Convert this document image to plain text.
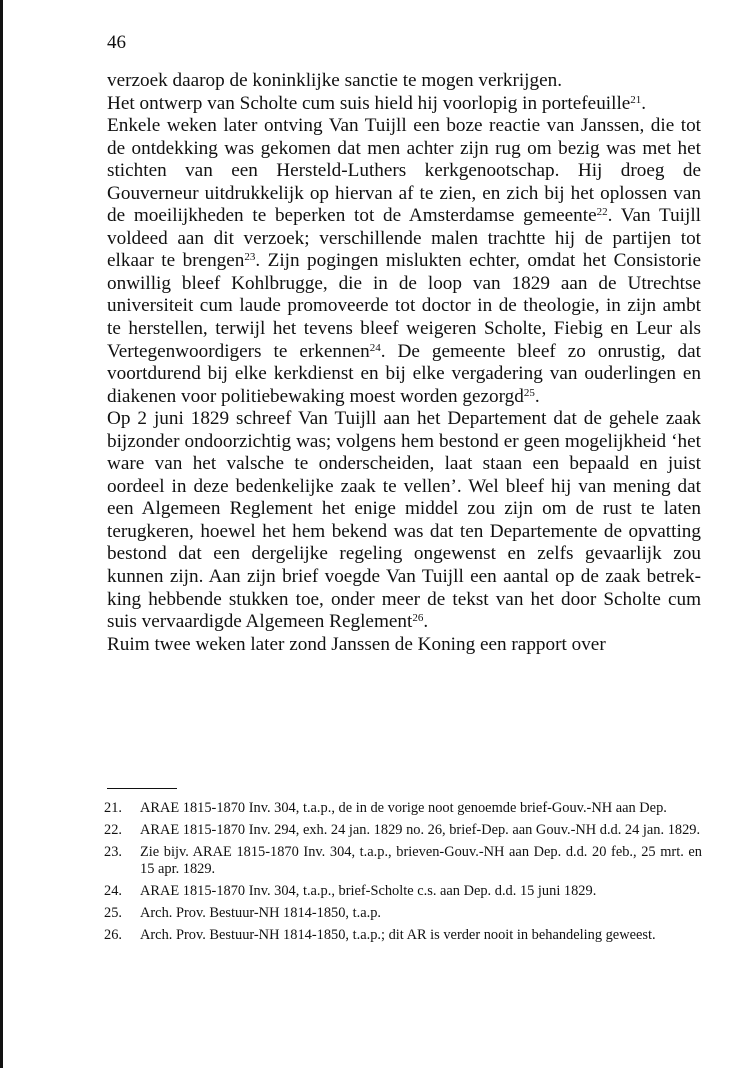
46

verzoek daarop de koninklijke sanctie te mogen verkrijgen.

Het ontwerp van Scholte cum suis hield hij voorlopig in portefeuille$^{21}$.

Enkele weken later ontving Van Tuijll een boze reactie van Janssen, die tot de ontdekking was gekomen dat men achter zijn rug om bezig was met het stichten van een Hersteld-Luthers kerkgenootschap. Hij droeg de Gouverneur uitdrukkelijk op hiervan af te zien, en zich bij het oplossen van de moeilijkheden te beperken tot de Amsterdamse gemeente$^{22}$. Van Tuijll voldeed aan dit verzoek; verschillende malen trachtte hij de partijen tot elkaar te brengen$^{23}$. Zijn pogingen mislukten echter, omdat het Consistorie onwillig bleef Kohlbrugge, die in de loop van 1829 aan de Utrechtse universiteit cum laude promoveerde tot doctor in de theologie, in zijn ambt te herstellen, terwijl het tevens bleef weigeren Scholte, Fiebig en Leur als Vertegenwoordigers te erkennen$^{24}$. De gemeente bleef zo onrustig, dat voortdurend bij elke kerkdienst en bij elke vergadering van ouderlingen en diakenen voor politiebewaking moest worden gezorgd$^{25}$.

Op 2 juni 1829 schreef Van Tuijll aan het Departement dat de gehele zaak bijzonder ondoorzichtig was; volgens hem bestond er geen mogelijkheid ‘het ware van het valsche te onderscheiden, laat staan een bepaald en juist oordeel in deze bedenkelijke zaak te vellen’. Wel bleef hij van mening dat een Algemeen Reglement het enige middel zou zijn om de rust te laten terugkeren, hoewel het hem bekend was dat ten Departemente de opvatting bestond dat een dergelijke regeling ongewenst en zelfs gevaarlijk zou kunnen zijn. Aan zijn brief voegde Van Tuijll een aantal op de zaak betrekking hebbende stukken toe, onder meer de tekst van het door Scholte cum suis vervaardigde Algemeen Reglement$^{26}$.

Ruim twee weken later zond Janssen de Koning een rapport over

21.	ARAE 1815-1870 Inv. 304, t.a.p., de in de vorige noot genoemde brief-Gouv.-NH aan Dep.
22.	ARAE 1815-1870 Inv. 294, exh. 24 jan. 1829 no. 26, brief-Dep. aan Gouv.-NH d.d. 24 jan. 1829.
23.	Zie bijv. ARAE 1815-1870 Inv. 304, t.a.p., brieven-Gouv.-NH aan Dep. d.d. 20 feb., 25 mrt. en 15 apr. 1829.
24.	ARAE 1815-1870 Inv. 304, t.a.p., brief-Scholte c.s. aan Dep. d.d. 15 juni 1829.
25.	Arch. Prov. Bestuur-NH 1814-1850, t.a.p.
26.	Arch. Prov. Bestuur-NH 1814-1850, t.a.p.; dit AR is verder nooit in behandeling geweest.
